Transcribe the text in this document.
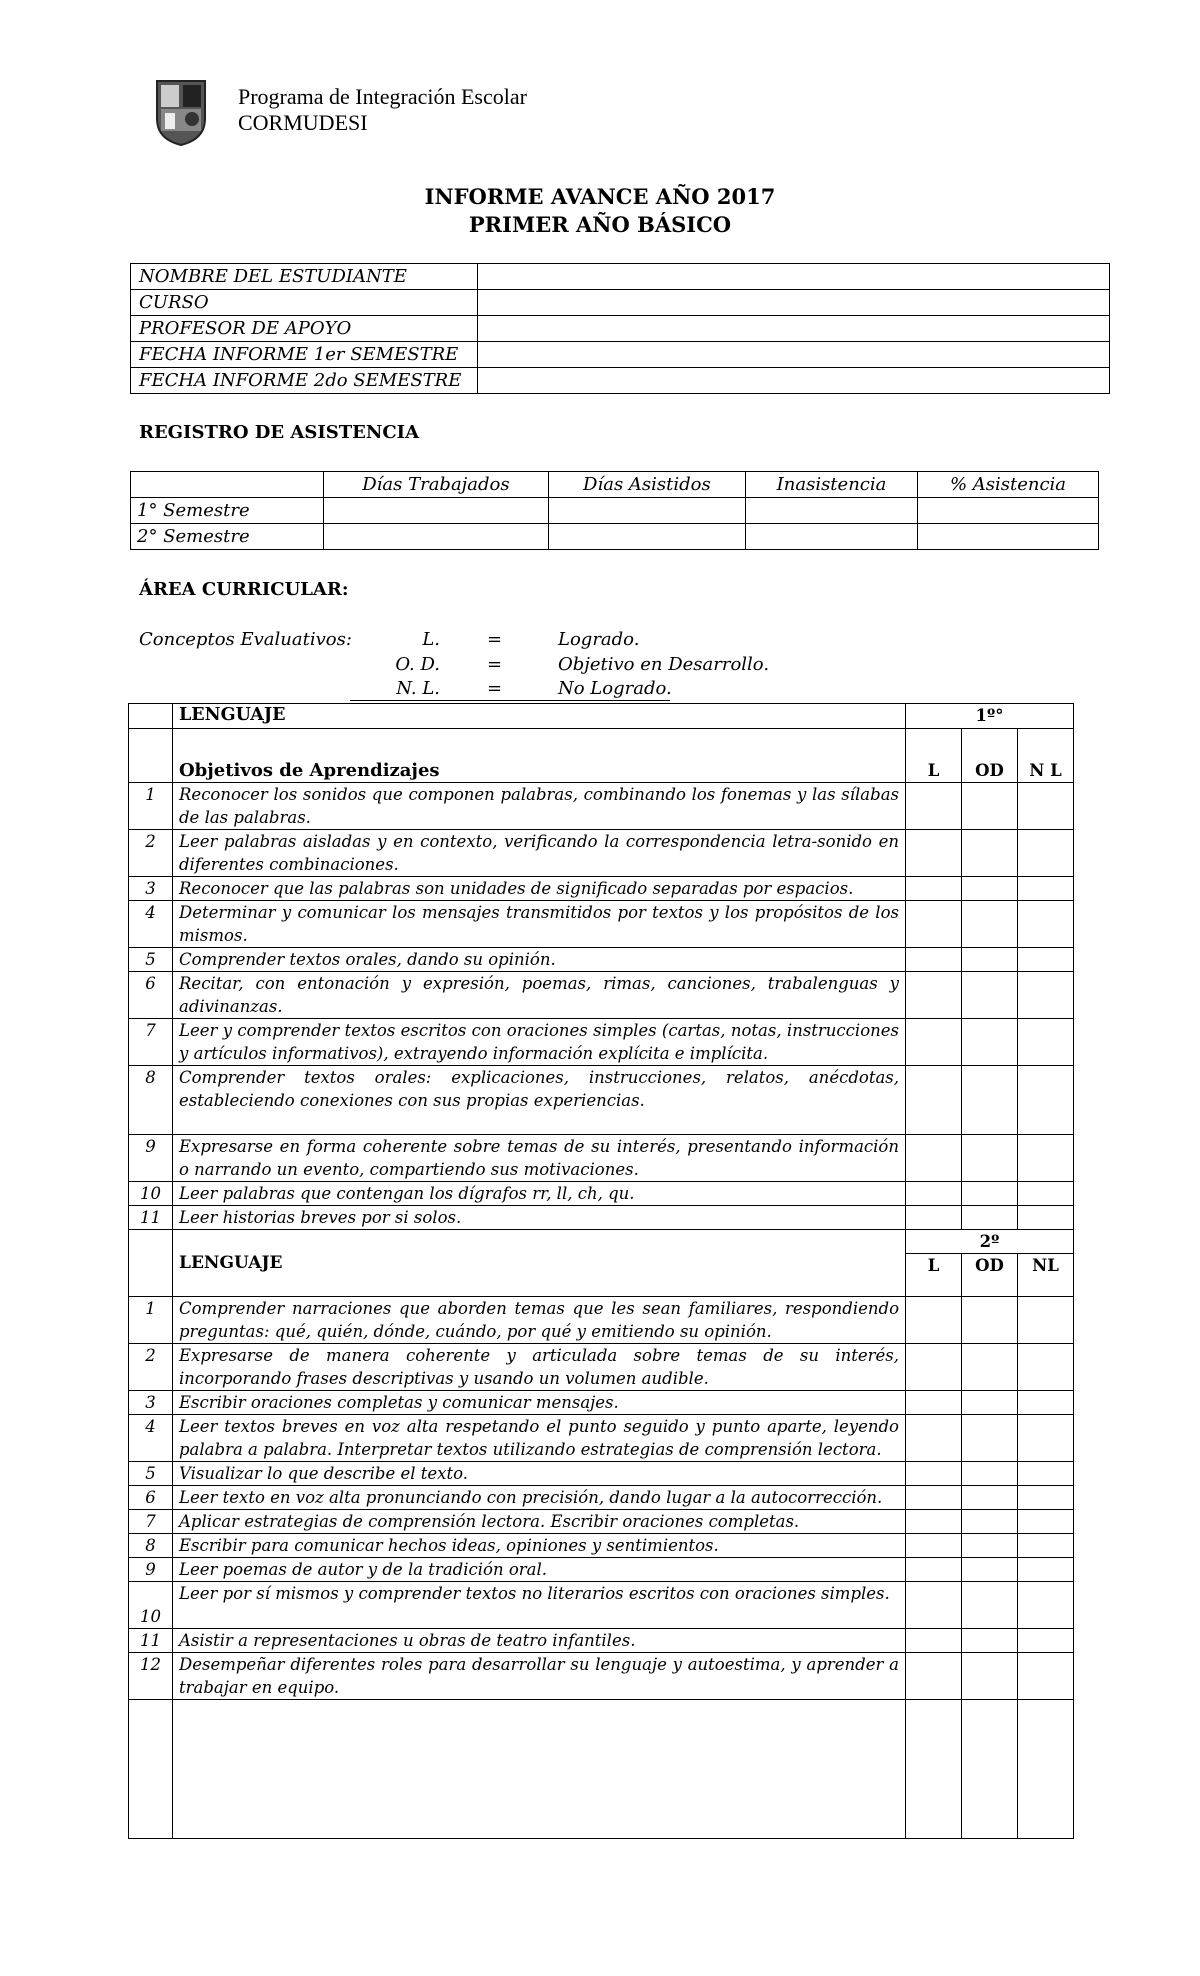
Programa de Integración Escolar
CORMUDESI
INFORME AVANCE AÑO 2017
PRIMER AÑO BÁSICO
NOMBRE DEL ESTUDIANTE	
CURSO	
PROFESOR DE APOYO	
FECHA INFORME 1er SEMESTRE	
FECHA INFORME 2do SEMESTRE	
REGISTRO DE ASISTENCIA
	Días Trabajados	Días Asistidos	Inasistencia	% Asistencia
1° Semestre				
2° Semestre				
ÁREA CURRICULAR:
Conceptos Evaluativos:	L.	=	Logrado.
O. D.	=	Objetivo en Desarrollo.
N. L.	=	No Logrado.
	LENGUAJE	1º°		
	Objetivos de Aprendizajes	L	OD	N L
1	Reconocer los sonidos que componen palabras, combinando los fonemas y las sílabas de las palabras.			
2	Leer palabras aisladas y en contexto, verificando la correspondencia letra-sonido en diferentes combinaciones.			
3	Reconocer que las palabras son unidades de significado separadas por espacios.			
4	Determinar y comunicar los mensajes transmitidos por textos y los propósitos de los mismos.			
5	Comprender textos orales, dando su opinión.			
6	Recitar, con entonación y expresión, poemas, rimas, canciones, trabalenguas y adivinanzas.			
7	Leer y comprender textos escritos con oraciones simples (cartas, notas, instrucciones y artículos informativos), extrayendo información explícita e implícita.			
8	Comprender textos orales: explicaciones, instrucciones, relatos, anécdotas, estableciendo conexiones con sus propias experiencias.			
9	Expresarse en forma coherente sobre temas de su interés, presentando información o narrando un evento, compartiendo sus motivaciones.			
10	Leer palabras que contengan los dígrafos rr, ll, ch, qu.			
11	Leer historias breves por si solos.			
	LENGUAJE	2º		
		L	OD	NL
1	Comprender narraciones que aborden temas que les sean familiares, respondiendo preguntas: qué, quién, dónde, cuándo, por qué y emitiendo su opinión.			
2	Expresarse de manera coherente y articulada sobre temas de su interés, incorporando frases descriptivas y usando un volumen audible.			
3	Escribir oraciones completas y comunicar mensajes.			
4	Leer textos breves en voz alta respetando el punto seguido y punto aparte, leyendo palabra a palabra. Interpretar textos utilizando estrategias de comprensión lectora.			
5	Visualizar lo que describe el texto.			
6	Leer texto en voz alta pronunciando con precisión, dando lugar a la autocorrección.			
7	Aplicar estrategias de comprensión lectora. Escribir oraciones completas.			
8	Escribir para comunicar hechos ideas, opiniones y sentimientos.			
9	Leer poemas de autor y de la tradición oral.			
10	Leer por sí mismos y comprender textos no literarios escritos con oraciones simples.			
11	Asistir a representaciones u obras de teatro infantiles.			
12	Desempeñar diferentes roles para desarrollar su lenguaje y autoestima, y aprender a trabajar en equipo.			
